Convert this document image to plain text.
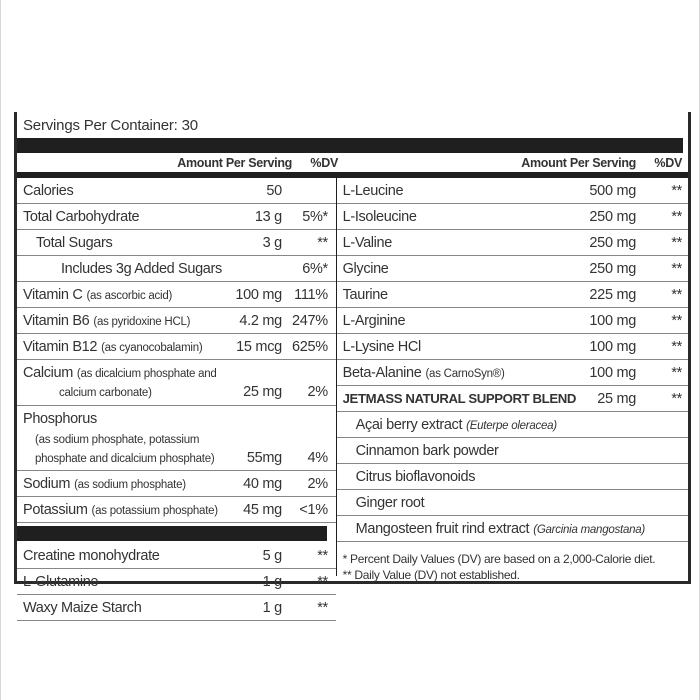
Servings Per Container: 30
Amount Per Serving	%DV	Amount Per Serving	%DV
Calories	50
Total Carbohydrate	13 g	5%*
Total Sugars	3 g	**
Includes 3g Added Sugars	6%*
Vitamin C (as ascorbic acid)	100 mg 111%
Vitamin B6 (as pyridoxine HCL)	4.2 mg 247%
Vitamin B12 (as cyanocobalamin)	15 mcg 625%
Calcium (as dicalcium phosphate and
calcium carbonate)	25 mg	2%
Phosphorus
(as sodium phosphate, potassium
phosphate and dicalcium phosphate)	55mg	4%
Sodium (as sodium phosphate)	40 mg	2%
Potassium (as potassium phosphate)	45 mg	<1%
Creatine monohydrate	5 g	**
L-Glutamine	1 g	**
Waxy Maize Starch	1 g	**
L-Leucine	500 mg	**
L-Isoleucine	250 mg	**
L-Valine	250 mg	**
Glycine	250 mg	**
Taurine	225 mg	**
L-Arginine	100 mg	**
L-Lysine HCl	100 mg	**
Beta-Alanine (as CarnoSyn®)	100 mg	**
JETMASS NATURAL SUPPORT BLEND	25 mg	**
Açai berry extract (Euterpe oleracea)
Cinnamon bark powder
Citrus bioflavonoids
Ginger root
Mangosteen fruit rind extract (Garcinia mangostana)
* Percent Daily Values (DV) are based on a 2,000-Calorie diet.
** Daily Value (DV) not established.
